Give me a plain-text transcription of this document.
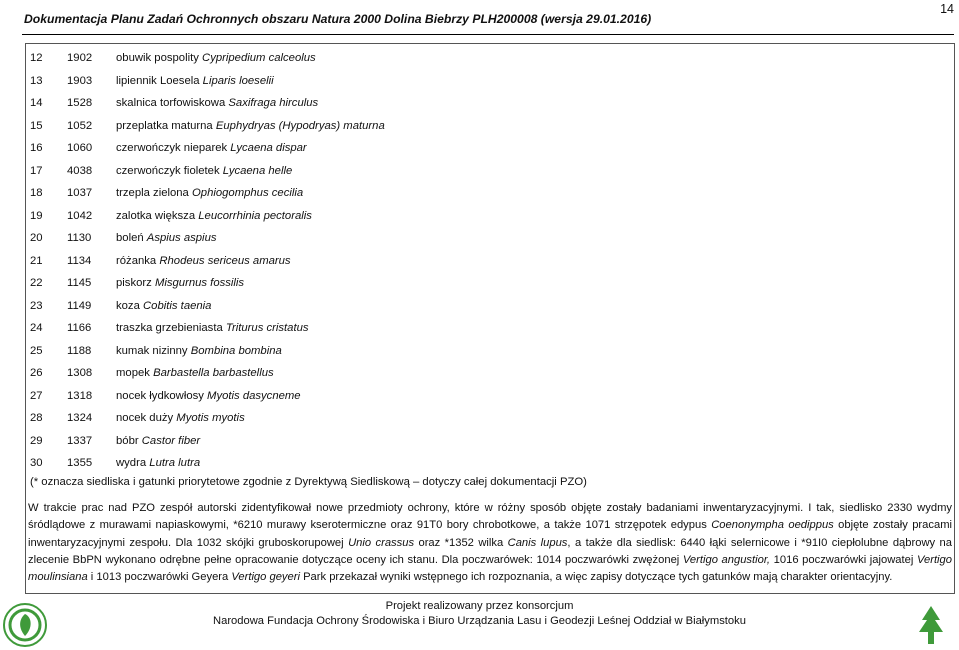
Dokumentacja Planu Zadań Ochronnych obszaru Natura 2000 Dolina Biebrzy PLH200008 (wersja 29.01.2016)
14
12 1902 obuwik pospolity Cypripedium calceolus
13 1903 lipiennik Loesela Liparis loeselii
14 1528 skalnica torfowiskowa Saxifraga hirculus
15 1052 przeplatka maturna Euphydryas (Hypodryas) maturna
16 1060 czerwończyk nieparek Lycaena dispar
17 4038 czerwończyk fioletek Lycaena helle
18 1037 trzepla zielona Ophiogomphus cecilia
19 1042 zalotka większa Leucorrhinia pectoralis
20 1130 boleń Aspius aspius
21 1134 różanka Rhodeus sericeus amarus
22 1145 piskorz Misgurnus fossilis
23 1149 koza Cobitis taenia
24 1166 traszka grzebieniasta Triturus cristatus
25 1188 kumak nizinny Bombina bombina
26 1308 mopek Barbastella barbastellus
27 1318 nocek łydkowłosy Myotis dasycneme
28 1324 nocek duży Myotis myotis
29 1337 bóbr Castor fiber
30 1355 wydra Lutra lutra
(* oznacza siedliska i gatunki priorytetowe zgodnie z Dyrektywą Siedliskową – dotyczy całej dokumentacji PZO)
W trakcie prac nad PZO zespół autorski zidentyfikował nowe przedmioty ochrony, które w różny sposób objęte zostały badaniami inwentaryzacyjnymi. I tak, siedlisko 2330 wydmy śródlądowe z murawami napiaskowymi, *6210 murawy kserotermiczne oraz 91T0 bory chrobotkowe, a także 1071 strzępotek edypus Coenonympha oedippus objęte zostały pracami inwentaryzacyjnymi zespołu. Dla 1032 skójki gruboskorupowej Unio crassus oraz *1352 wilka Canis lupus, a także dla siedlisk: 6440 łąki selernicowe i *91I0 ciepłolubne dąbrowy na zlecenie BbPN wykonano odrębne pełne opracowanie dotyczące oceny ich stanu. Dla poczwarówek: 1014 poczwarówki zwężonej Vertigo angustior, 1016 poczwarówki jajowatej Vertigo moulinsiana i 1013 poczwarówki Geyera Vertigo geyeri Park przekazał wyniki wstępnego ich rozpoznania, a więc zapisy dotyczące tych gatunków mają charakter orientacyjny.
Projekt realizowany przez konsorcjum
Narodowa Fundacja Ochrony Środowiska i Biuro Urządzania Lasu i Geodezji Leśnej Oddział w Białymstoku
